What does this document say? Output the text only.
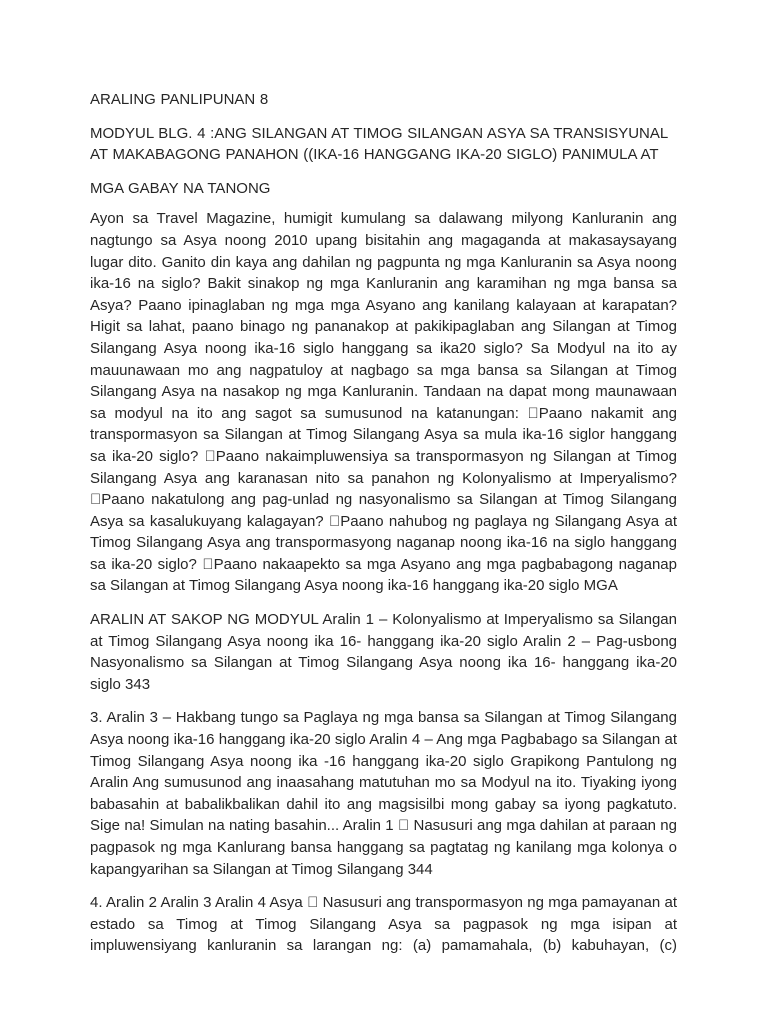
ARALING PANLIPUNAN 8

MODYUL BLG. 4 :ANG SILANGAN AT TIMOG SILANGAN ASYA SA TRANSISYUNAL AT MAKABAGONG PANAHON ((IKA-16 HANGGANG IKA-20 SIGLO) PANIMULA AT

MGA GABAY NA TANONG

Ayon sa Travel Magazine, humigit kumulang sa dalawang milyong Kanluranin ang nagtungo sa Asya noong 2010 upang bisitahin ang magaganda at makasaysayang lugar dito. Ganito din kaya ang dahilan ng pagpunta ng mga Kanluranin sa Asya noong ika-16 na siglo? Bakit sinakop ng mga Kanluranin ang karamihan ng mga bansa sa Asya? Paano ipinaglaban ng mga mga Asyano ang kanilang kalayaan at karapatan? Higit sa lahat, paano binago ng pananakop at pakikipaglaban ang Silangan at Timog Silangang Asya noong ika-16 siglo hanggang sa ika20 siglo? Sa Modyul na ito ay mauunawaan mo ang nagpatuloy at nagbago sa mga bansa sa Silangan at Timog Silangang Asya na nasakop ng mga Kanluranin. Tandaan na dapat mong maunawaan sa modyul na ito ang sagot sa sumusunod na katanungan: Paano nakamit ang transpormasyon sa Silangan at Timog Silangang Asya sa mula ika-16 siglor hanggang sa ika-20 siglo? Paano nakaimpluwensiya sa transpormasyon ng Silangan at Timog Silangang Asya ang karanasan nito sa panahon ng Kolonyalismo at Imperyalismo? Paano nakatulong ang pag-unlad ng nasyonalismo sa Silangan at Timog Silangang Asya sa kasalukuyang kalagayan? Paano nahubog ng paglaya ng Silangang Asya at Timog Silangang Asya ang transpormasyong naganap noong ika-16 na siglo hanggang sa ika-20 siglo? Paano nakaapekto sa mga Asyano ang mga pagbabagong naganap sa Silangan at Timog Silangang Asya noong ika-16 hanggang ika-20 siglo MGA

ARALIN AT SAKOP NG MODYUL Aralin 1 – Kolonyalismo at Imperyalismo sa Silangan at Timog Silangang Asya noong ika 16- hanggang ika-20 siglo Aralin 2 – Pag-usbong Nasyonalismo sa Silangan at Timog Silangang Asya noong ika 16- hanggang ika-20 siglo 343

3. Aralin 3 – Hakbang tungo sa Paglaya ng mga bansa sa Silangan at Timog Silangang Asya noong ika-16 hanggang ika-20 siglo Aralin 4 – Ang mga Pagbabago sa Silangan at Timog Silangang Asya noong ika -16 hanggang ika-20 siglo Grapikong Pantulong ng Aralin Ang sumusunod ang inaasahang matutuhan mo sa Modyul na ito. Tiyaking iyong babasahin at babalikbalikan dahil ito ang magsisilbi mong gabay sa iyong pagkatuto. Sige na! Simulan na nating basahin... Aralin 1 Nasusuri ang mga dahilan at paraan ng pagpasok ng mga Kanlurang bansa hanggang sa pagtatag ng kanilang mga kolonya o kapangyarihan sa Silangan at Timog Silangang 344

4. Aralin 2 Aralin 3 Aralin 4 Asya Nasusuri ang transpormasyon ng mga pamayanan at estado sa Timog at Timog Silangang Asya sa pagpasok ng mga isipan at impluwensiyang kanluranin sa larangan ng: (a) pamamahala, (b) kabuhayan, (c)
